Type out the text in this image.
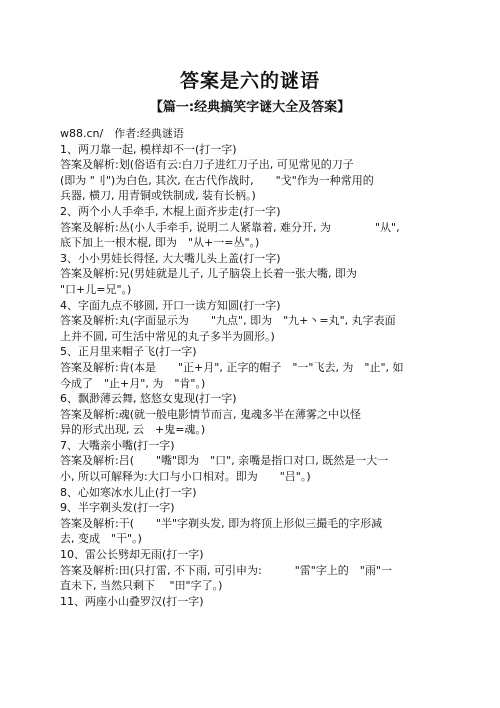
答案是六的谜语
【篇一:经典搞笑字谜大全及答案】
w88.cn/　作者:经典谜语
1、两刀靠一起, 模样却不一(打一字)
答案及解析:划(俗语有云:白刀子进红刀子出, 可见常见的刀子
(即为 "刂")为白色, 其次, 在古代作战时,　　"戈"作为一种常用的
兵器, 横刀, 用青铜或铁制成, 装有长柄。)
2、两个小人手牵手, 木棍上面齐步走(打一字)
答案及解析:丛(小人手牵手, 说明二人紧靠着, 难分开, 为　　　　"从",
底下加上一根木棍, 即为　"从+一=丛"。)
3、小小男娃长得怪, 大大嘴儿头上盖(打一字)
答案及解析:兄(男娃就是儿子, 儿子脑袋上长着一张大嘴, 即为
"口+儿=兄"。)
4、字面九点不够圆, 开口一读方知圆(打一字)
答案及解析:丸(字面显示为　　"九点", 即为　"九+丶=丸", 丸字表面
上并不圆, 可生活中常见的丸子多半为圆形。)
5、正月里来帽子飞(打一字)
答案及解析:肯(本是　　"正+月", 正字的帽子　"一"飞去, 为　"止", 如
今成了　"止+月", 为　"肯"。)
6、飘渺薄云舞, 悠悠女鬼现(打一字)
答案及解析:魂(就一般电影情节而言, 鬼魂多半在薄雾之中以怪
异的形式出现, 云　+鬼=魂。)
7、大嘴亲小嘴(打一字)
答案及解析:吕(　　"嘴"即为　"口", 亲嘴是指口对口, 既然是一大一
小, 所以可解释为:大口与小口相对。即为　　"吕"。)
8、心如寒冰水儿止(打一字)
9、半字剃头发(打一字)
答案及解析:干(　　"半"字剃头发, 即为将顶上形似三撮毛的字形减
去, 变成　"干"。)
10、雷公长劈却无雨(打一字)
答案及解析:田(只打雷, 不下雨, 可引申为:　　　"雷"字上的　"雨"一
直未下, 当然只剩下　 "田"字了。)
11、两座小山叠罗汉(打一字)
